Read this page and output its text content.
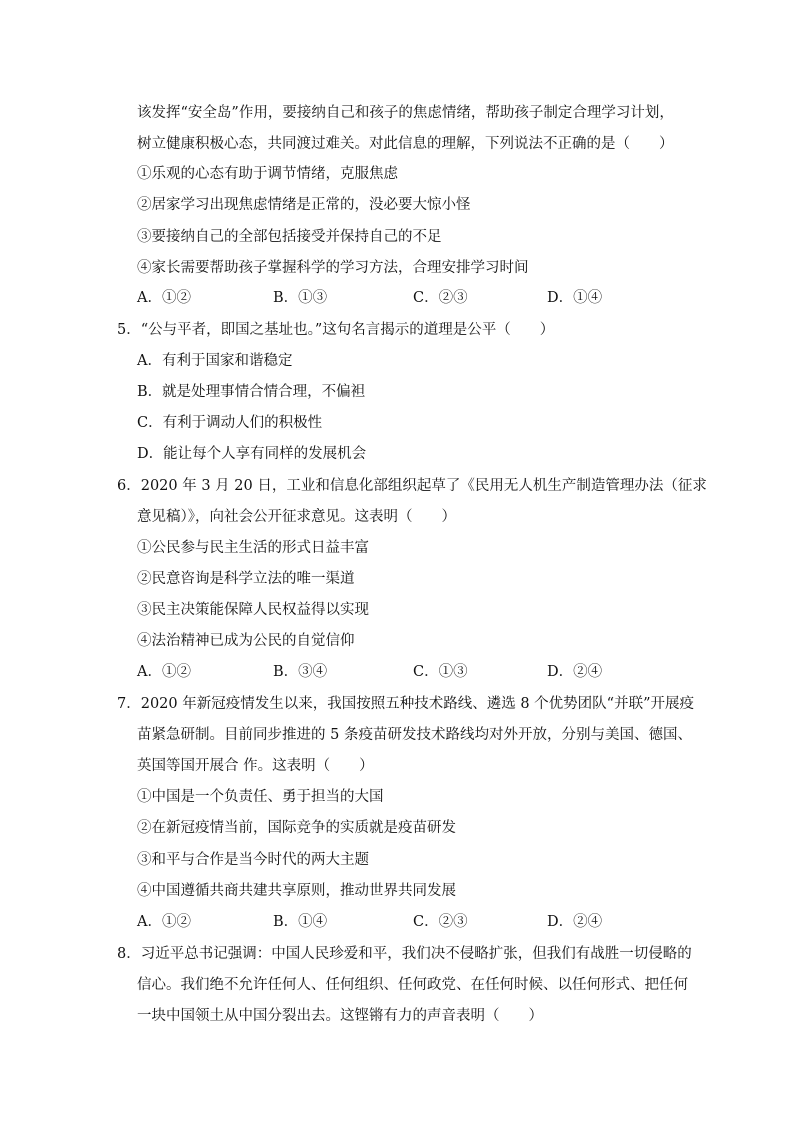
该发挥“安全岛”作用，要接纳自己和孩子的焦虑情绪，帮助孩子制定合理学习计划，
树立健康积极心态，共同渡过难关。对此信息的理解，下列说法不正确的是（　　）
①乐观的心态有助于调节情绪，克服焦虑
②居家学习出现焦虑情绪是正常的，没必要大惊小怪
③要接纳自己的全部包括接受并保持自己的不足
④家长需要帮助孩子掌握科学的学习方法，合理安排学习时间
A．①②	B．①③	C．②③	D．①④
5．“公与平者，即国之基址也。”这句名言揭示的道理是公平（　　）
A．有利于国家和谐稳定
B．就是处理事情合情合理，不偏袒
C．有利于调动人们的积极性
D．能让每个人享有同样的发展机会
6．2020 年 3 月 20 日，工业和信息化部组织起草了《民用无人机生产制造管理办法（征求
意见稿）》，向社会公开征求意见。这表明（　　）
①公民参与民主生活的形式日益丰富
②民意咨询是科学立法的唯一渠道
③民主决策能保障人民权益得以实现
④法治精神已成为公民的自觉信仰
A．①②	B．③④	C．①③	D．②④
7．2020 年新冠疫情发生以来，我国按照五种技术路线、遴选 8 个优势团队“并联”开展疫
苗紧急研制。目前同步推进的 5 条疫苗研发技术路线均对外开放，分别与美国、德国、
英国等国开展合 作。这表明（　　）
①中国是一个负责任、勇于担当的大国
②在新冠疫情当前，国际竞争的实质就是疫苗研发
③和平与合作是当今时代的两大主题
④中国遵循共商共建共享原则，推动世界共同发展
A．①②	B．①④	C．②③	D．②④
8．习近平总书记强调：中国人民珍爱和平，我们决不侵略扩张，但我们有战胜一切侵略的
信心。我们绝不允许任何人、任何组织、任何政党、在任何时候、以任何形式、把任何
一块中国领土从中国分裂出去。这铿锵有力的声音表明（　　）
